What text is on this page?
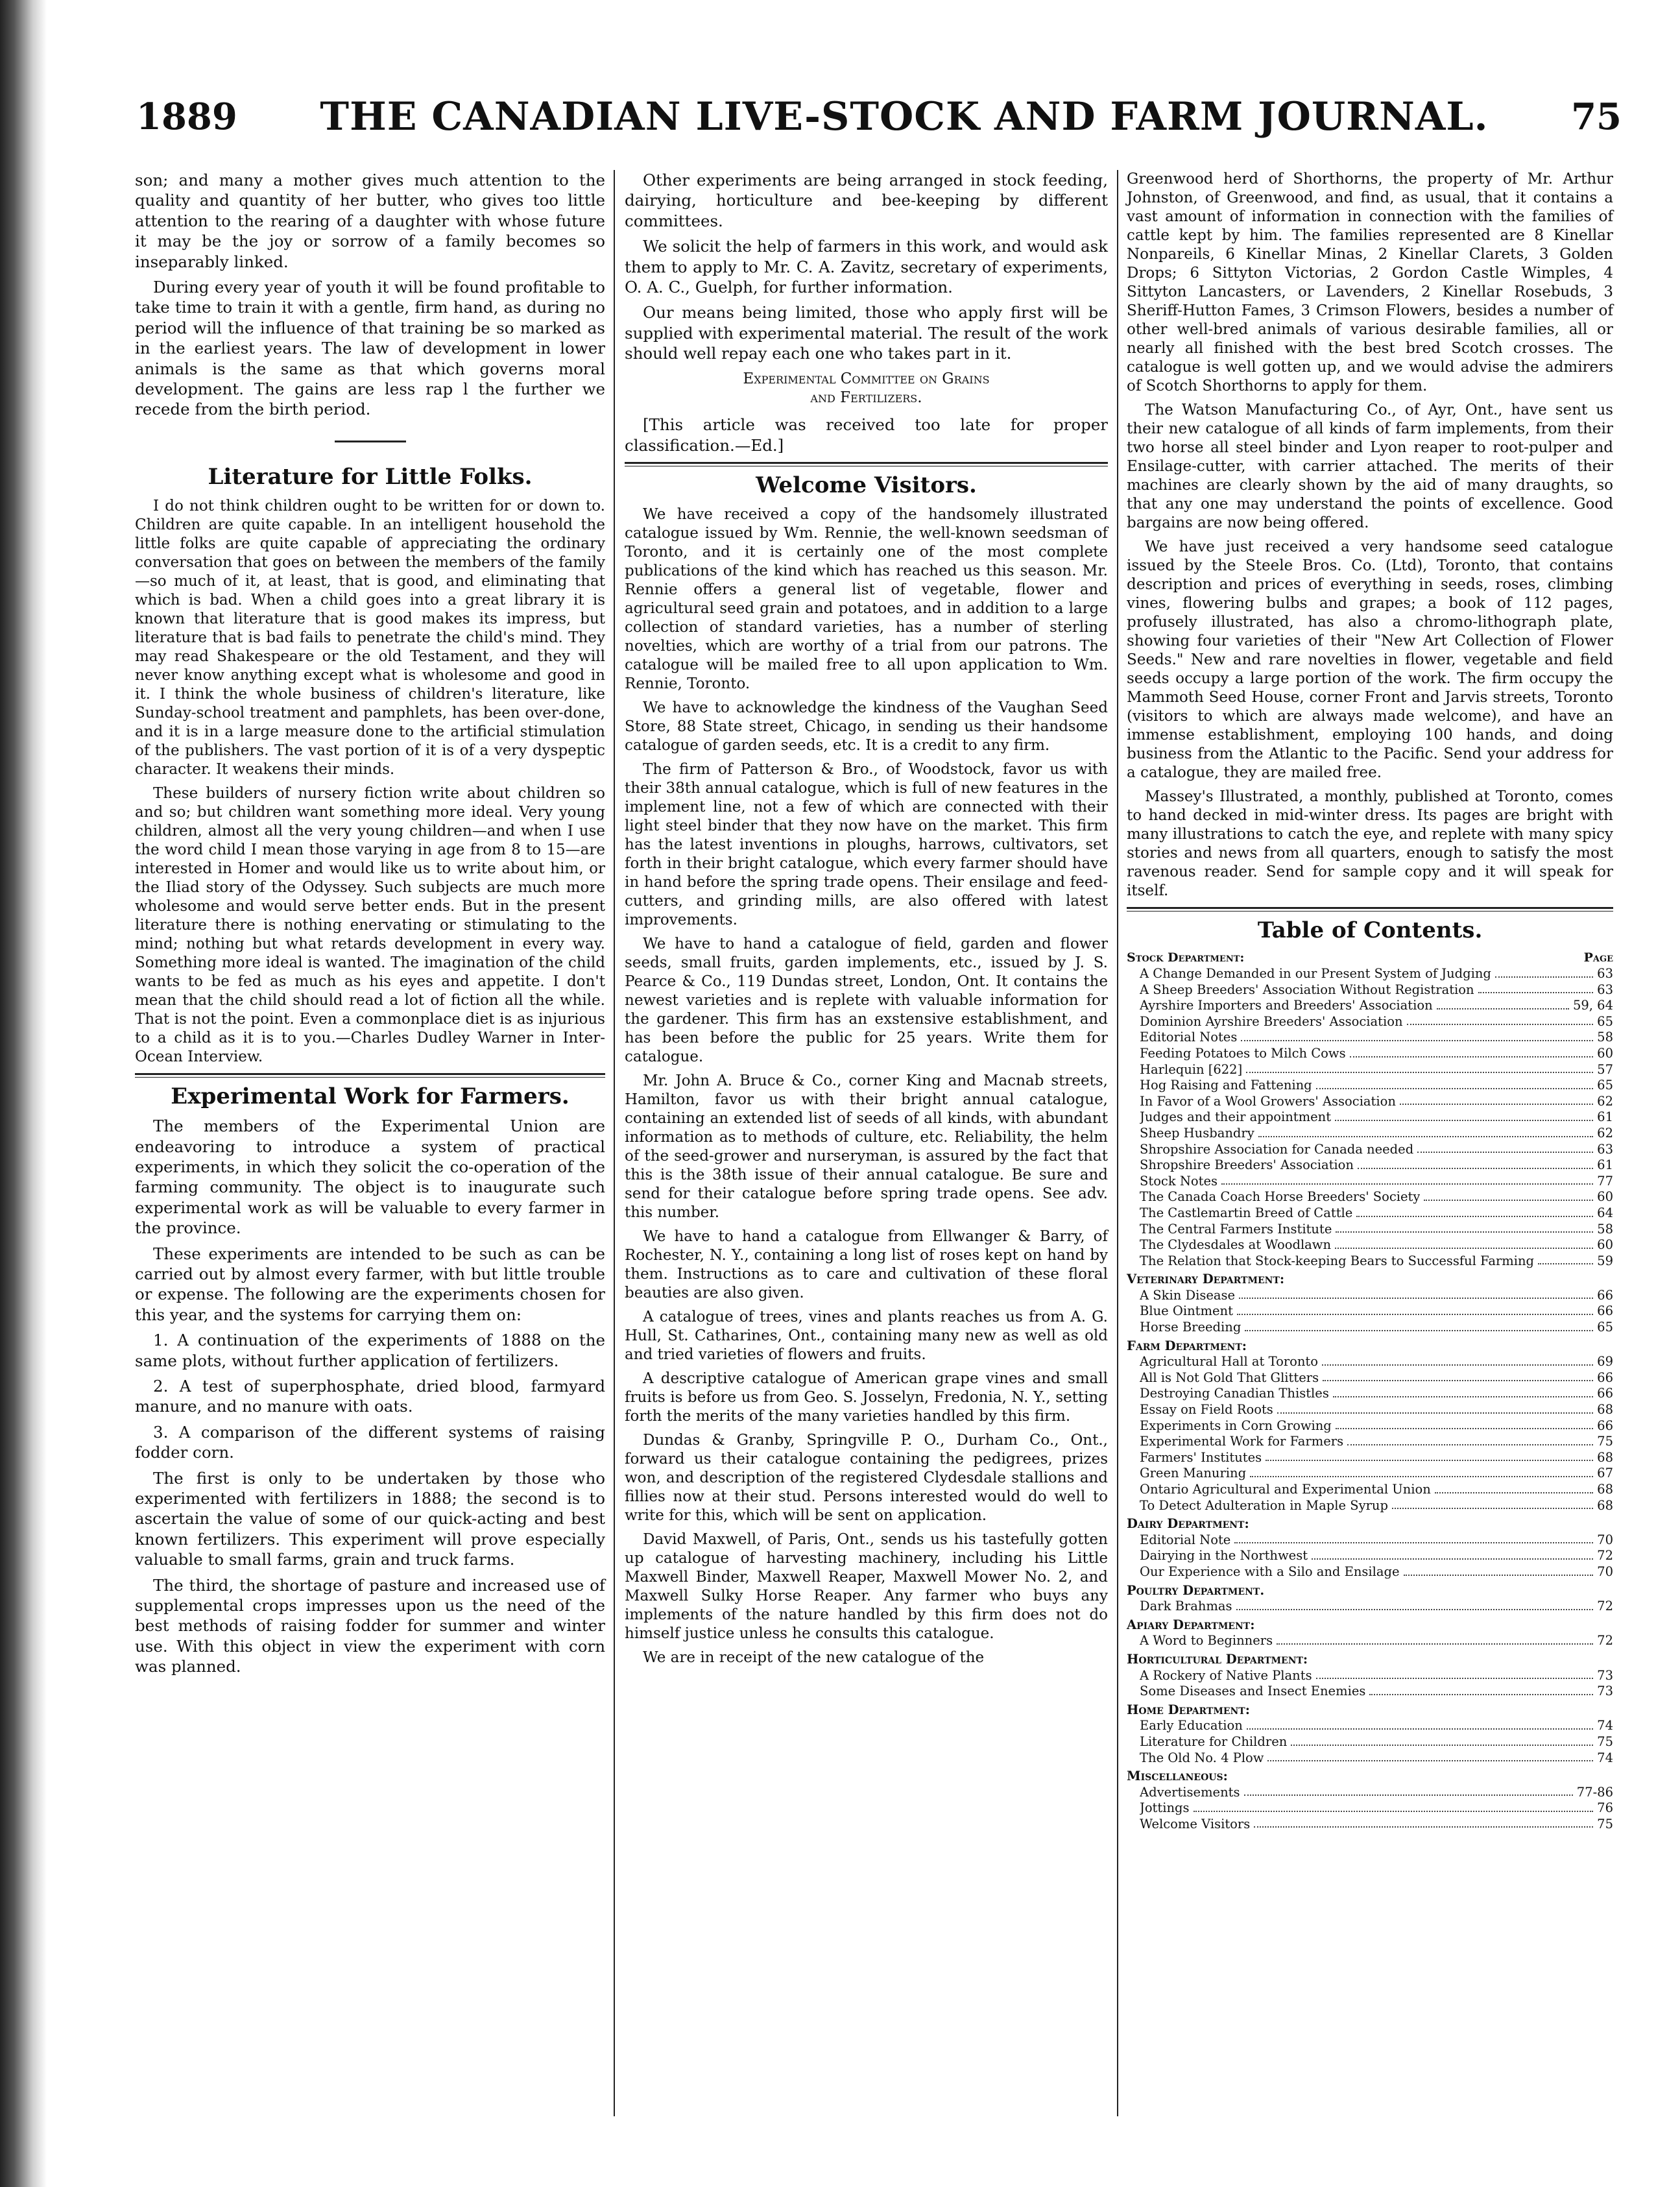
1889 THE CANADIAN LIVE-STOCK AND FARM JOURNAL. 75

son; and many a mother gives much attention to the quality and quantity of her butter, who gives too little attention to the rearing of a daughter with whose future it may be the joy or sorrow of a family becomes so inseparably linked.

During every year of youth it will be found profitable to take time to train it with a gentle, firm hand, as during no period will the influence of that training be so marked as in the earliest years. The law of development in lower animals is the same as that which governs moral development. The gains are less rap l the further we recede from the birth period.

Literature for Little Folks.

I do not think children ought to be written for or down to. Children are quite capable. In an intelligent household the little folks are quite capable of appreciating the ordinary conversation that goes on between the members of the family—so much of it, at least, that is good, and eliminating that which is bad. When a child goes into a great library it is known that literature that is good makes its impress, but literature that is bad fails to penetrate the child's mind. They may read Shakespeare or the old Testament, and they will never know anything except what is wholesome and good in it. I think the whole business of children's literature, like Sunday-school treatment and pamphlets, has been over-done, and it is in a large measure done to the artificial stimulation of the publishers. The vast portion of it is of a very dyspeptic character. It weakens their minds.

These builders of nursery fiction write about children so and so; but children want something more ideal. Very young children, almost all the very young children—and when I use the word child I mean those varying in age from 8 to 15—are interested in Homer and would like us to write about him, or the Iliad story of the Odyssey. Such subjects are much more wholesome and would serve better ends. But in the present literature there is nothing enervating or stimulating to the mind; nothing but what retards development in every way. Something more ideal is wanted. The imagination of the child wants to be fed as much as his eyes and appetite. I don't mean that the child should read a lot of fiction all the while. That is not the point. Even a commonplace diet is as injurious to a child as it is to you.—Charles Dudley Warner in Inter-Ocean Interview.

Experimental Work for Farmers.

The members of the Experimental Union are endeavoring to introduce a system of practical experiments, in which they solicit the co-operation of the farming community. The object is to inaugurate such experimental work as will be valuable to every farmer in the province.

These experiments are intended to be such as can be carried out by almost every farmer, with but little trouble or expense. The following are the experiments chosen for this year, and the systems for carrying them on:

1. A continuation of the experiments of 1888 on the same plots, without further application of fertilizers.

2. A test of superphosphate, dried blood, farmyard manure, and no manure with oats.

3. A comparison of the different systems of raising fodder corn.

The first is only to be undertaken by those who experimented with fertilizers in 1888; the second is to ascertain the value of some of our quick-acting and best known fertilizers. This experiment will prove especially valuable to small farms, grain and truck farms.

The third, the shortage of pasture and increased use of supplemental crops impresses upon us the need of the best methods of raising fodder for summer and winter use. With this object in view the experiment with corn was planned.

Other experiments are being arranged in stock feeding, dairying, horticulture and bee-keeping by different committees.

We solicit the help of farmers in this work, and would ask them to apply to Mr. C. A. Zavitz, secretary of experiments, O. A. C., Guelph, for further information.

Our means being limited, those who apply first will be supplied with experimental material. The result of the work should well repay each one who takes part in it.

Experimental Committee on Grains
and Fertilizers.

[This article was received too late for proper classification.—Ed.]

Welcome Visitors.

We have received a copy of the handsomely illustrated catalogue issued by Wm. Rennie, the well-known seedsman of Toronto, and it is certainly one of the most complete publications of the kind which has reached us this season. Mr. Rennie offers a general list of vegetable, flower and agricultural seed grain and potatoes, and in addition to a large collection of standard varieties, has a number of sterling novelties, which are worthy of a trial from our patrons. The catalogue will be mailed free to all upon application to Wm. Rennie, Toronto.

We have to acknowledge the kindness of the Vaughan Seed Store, 88 State street, Chicago, in sending us their handsome catalogue of garden seeds, etc. It is a credit to any firm.

The firm of Patterson & Bro., of Woodstock, favor us with their 38th annual catalogue, which is full of new features in the implement line, not a few of which are connected with their light steel binder that they now have on the market. This firm has the latest inventions in ploughs, harrows, cultivators, set forth in their bright catalogue, which every farmer should have in hand before the spring trade opens. Their ensilage and feed-cutters, and grinding mills, are also offered with latest improvements.

We have to hand a catalogue of field, garden and flower seeds, small fruits, garden implements, etc., issued by J. S. Pearce & Co., 119 Dundas street, London, Ont. It contains the newest varieties and is replete with valuable information for the gardener. This firm has an exstensive establishment, and has been before the public for 25 years. Write them for catalogue.

Mr. John A. Bruce & Co., corner King and Macnab streets, Hamilton, favor us with their bright annual catalogue, containing an extended list of seeds of all kinds, with abundant information as to methods of culture, etc. Reliability, the helm of the seed-grower and nurseryman, is assured by the fact that this is the 38th issue of their annual catalogue. Be sure and send for their catalogue before spring trade opens. See adv. this number.

We have to hand a catalogue from Ellwanger & Barry, of Rochester, N. Y., containing a long list of roses kept on hand by them. Instructions as to care and cultivation of these floral beauties are also given.

A catalogue of trees, vines and plants reaches us from A. G. Hull, St. Catharines, Ont., containing many new as well as old and tried varieties of flowers and fruits.

A descriptive catalogue of American grape vines and small fruits is before us from Geo. S. Josselyn, Fredonia, N. Y., setting forth the merits of the many varieties handled by this firm.

Dundas & Granby, Springville P. O., Durham Co., Ont., forward us their catalogue containing the pedigrees, prizes won, and description of the registered Clydesdale stallions and fillies now at their stud. Persons interested would do well to write for this, which will be sent on application.

David Maxwell, of Paris, Ont., sends us his tastefully gotten up catalogue of harvesting machinery, including his Little Maxwell Binder, Maxwell Reaper, Maxwell Mower No. 2, and Maxwell Sulky Horse Reaper. Any farmer who buys any implements of the nature handled by this firm does not do himself justice unless he consults this catalogue.

We are in receipt of the new catalogue of the

Greenwood herd of Shorthorns, the property of Mr. Arthur Johnston, of Greenwood, and find, as usual, that it contains a vast amount of information in connection with the families of cattle kept by him. The families represented are 8 Kinellar Nonpareils, 6 Kinellar Minas, 2 Kinellar Clarets, 3 Golden Drops; 6 Sittyton Victorias, 2 Gordon Castle Wimples, 4 Sittyton Lancasters, or Lavenders, 2 Kinellar Rosebuds, 3 Sheriff-Hutton Fames, 3 Crimson Flowers, besides a number of other well-bred animals of various desirable families, all or nearly all finished with the best bred Scotch crosses. The catalogue is well gotten up, and we would advise the admirers of Scotch Shorthorns to apply for them.

The Watson Manufacturing Co., of Ayr, Ont., have sent us their new catalogue of all kinds of farm implements, from their two horse all steel binder and Lyon reaper to root-pulper and Ensilage-cutter, with carrier attached. The merits of their machines are clearly shown by the aid of many draughts, so that any one may understand the points of excellence. Good bargains are now being offered.

We have just received a very handsome seed catalogue issued by the Steele Bros. Co. (Ltd), Toronto, that contains description and prices of everything in seeds, roses, climbing vines, flowering bulbs and grapes; a book of 112 pages, profusely illustrated, has also a chromo-lithograph plate, showing four varieties of their "New Art Collection of Flower Seeds." New and rare novelties in flower, vegetable and field seeds occupy a large portion of the work. The firm occupy the Mammoth Seed House, corner Front and Jarvis streets, Toronto (visitors to which are always made welcome), and have an immense establishment, employing 100 hands, and doing business from the Atlantic to the Pacific. Send your address for a catalogue, they are mailed free.

Massey's Illustrated, a monthly, published at Toronto, comes to hand decked in mid-winter dress. Its pages are bright with many illustrations to catch the eye, and replete with many spicy stories and news from all quarters, enough to satisfy the most ravenous reader. Send for sample copy and it will speak for itself.

Table of Contents.
Stock Department:	Page
A Change Demanded in our Present System of Judging	63
A Sheep Breeders' Association Without Registration	63
Ayrshire Importers and Breeders' Association	59, 64
Dominion Ayrshire Breeders' Association	65
Editorial Notes	58
Feeding Potatoes to Milch Cows	60
Harlequin [622]	57
Hog Raising and Fattening	65
In Favor of a Wool Growers' Association	62
Judges and their appointment	61
Sheep Husbandry	62
Shropshire Association for Canada needed	63
Shropshire Breeders' Association	61
Stock Notes	77
The Canada Coach Horse Breeders' Society	60
The Castlemartin Breed of Cattle	64
The Central Farmers Institute	58
The Clydesdales at Woodlawn	60
The Relation that Stock-keeping Bears to Successful Farming	59
Veterinary Department:
A Skin Disease	66
Blue Ointment	66
Horse Breeding	65
Farm Department:
Agricultural Hall at Toronto	69
All is Not Gold That Glitters	66
Destroying Canadian Thistles	66
Essay on Field Roots	68
Experiments in Corn Growing	66
Experimental Work for Farmers	75
Farmers' Institutes	68
Green Manuring	67
Ontario Agricultural and Experimental Union	68
To Detect Adulteration in Maple Syrup	68
Dairy Department:
Editorial Note	70
Dairying in the Northwest	72
Our Experience with a Silo and Ensilage	70
Poultry Department.
Dark Brahmas	72
Apiary Department:
A Word to Beginners	72
Horticultural Department:
A Rockery of Native Plants	73
Some Diseases and Insect Enemies	73
Home Department:
Early Education	74
Literature for Children	75
The Old No. 4 Plow	74
Miscellaneous:
Advertisements	77-86
Jottings	76
Welcome Visitors	75
